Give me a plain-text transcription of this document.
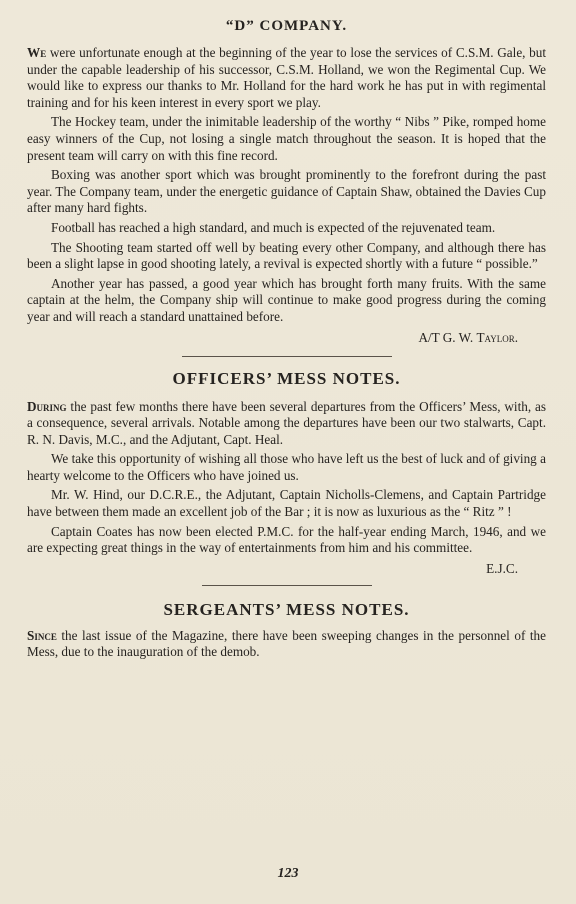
“D” COMPANY.

We were unfortunate enough at the beginning of the year to lose the services of C.S.M. Gale, but under the capable leadership of his successor, C.S.M. Holland, we won the Regimental Cup. We would like to express our thanks to Mr. Holland for the hard work he has put in with regimental training and for his keen interest in every sport we play.

The Hockey team, under the inimitable leadership of the worthy “ Nibs ” Pike, romped home easy winners of the Cup, not losing a single match throughout the season. It is hoped that the present team will carry on with this fine record.

Boxing was another sport which was brought prominently to the forefront during the past year. The Company team, under the energetic guidance of Captain Shaw, obtained the Davies Cup after many hard fights.

Football has reached a high standard, and much is expected of the rejuvenated team.

The Shooting team started off well by beating every other Company, and although there has been a slight lapse in good shooting lately, a revival is expected shortly with a future “ possible.”

Another year has passed, a good year which has brought forth many fruits. With the same captain at the helm, the Company ship will continue to make good progress during the coming year and will reach a standard unattained before.

A/T G. W. Taylor.
OFFICERS’ MESS NOTES.

During the past few months there have been several departures from the Officers’ Mess, with, as a consequence, several arrivals. Notable among the departures have been our two stalwarts, Capt. R. N. Davis, M.C., and the Adjutant, Capt. Heal.

We take this opportunity of wishing all those who have left us the best of luck and of giving a hearty welcome to the Officers who have joined us.

Mr. W. Hind, our D.C.R.E., the Adjutant, Captain Nicholls-Clemens, and Captain Partridge have between them made an excellent job of the Bar ; it is now as luxurious as the “ Ritz ” !

Captain Coates has now been elected P.M.C. for the half-year ending March, 1946, and we are expecting great things in the way of entertainments from him and his committee.

E.J.C.
SERGEANTS’ MESS NOTES.

Since the last issue of the Magazine, there have been sweeping changes in the personnel of the Mess, due to the inauguration of the demob.

123
